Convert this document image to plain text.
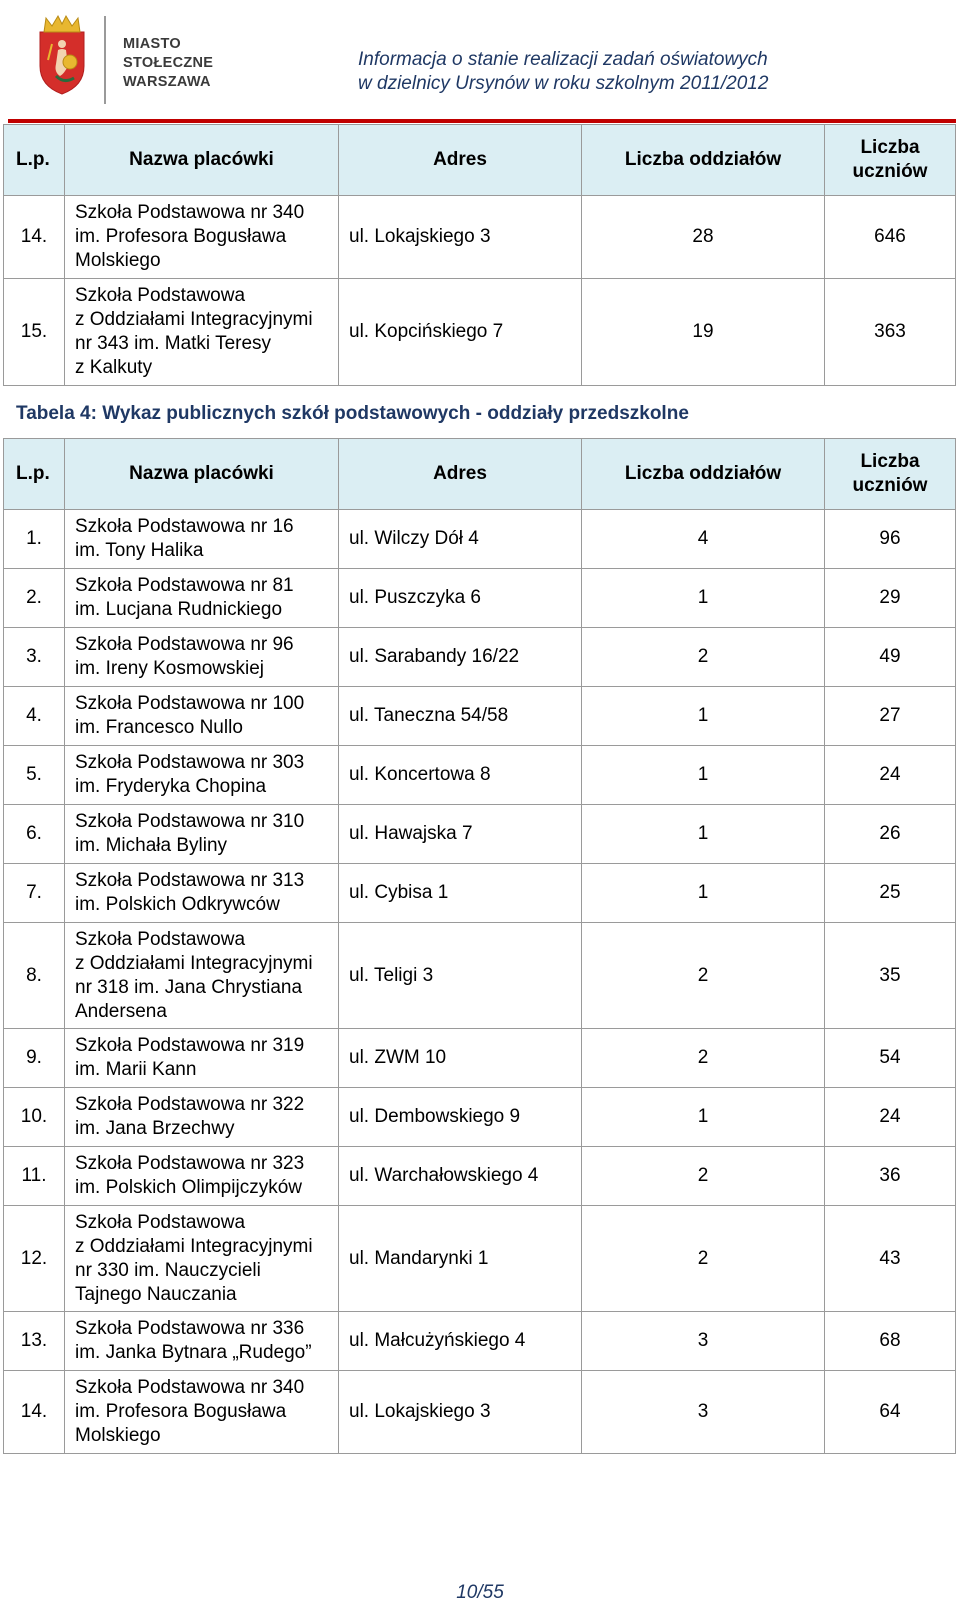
MIASTO
STOŁECZNE
WARSZAWA
Informacja o stanie realizacji zadań oświatowych
w dzielnicy Ursynów w roku szkolnym 2011/2012
L.p.	Nazwa placówki	Adres	Liczba oddziałów	Liczba
uczniów
14.	Szkoła Podstawowa nr 340
im. Profesora Bogusława
Molskiego	ul. Lokajskiego 3	28	646
15.	Szkoła Podstawowa
z Oddziałami Integracyjnymi
nr 343 im. Matki Teresy
z Kalkuty	ul. Kopcińskiego 7	19	363
Tabela 4: Wykaz publicznych szkół podstawowych - oddziały przedszkolne
L.p.	Nazwa placówki	Adres	Liczba oddziałów	Liczba
uczniów
1.	Szkoła Podstawowa nr 16
im. Tony Halika	ul. Wilczy Dół 4	4	96
2.	Szkoła Podstawowa nr 81
im. Lucjana Rudnickiego	ul. Puszczyka 6	1	29
3.	Szkoła Podstawowa nr 96
im. Ireny Kosmowskiej	ul. Sarabandy 16/22	2	49
4.	Szkoła Podstawowa nr 100
im. Francesco Nullo	ul. Taneczna 54/58	1	27
5.	Szkoła Podstawowa nr 303
im. Fryderyka Chopina	ul. Koncertowa 8	1	24
6.	Szkoła Podstawowa nr 310
im. Michała Byliny	ul. Hawajska 7	1	26
7.	Szkoła Podstawowa nr 313
im. Polskich Odkrywców	ul. Cybisa 1	1	25
8.	Szkoła Podstawowa
z Oddziałami Integracyjnymi
nr 318 im. Jana Chrystiana
Andersena	ul. Teligi 3	2	35
9.	Szkoła Podstawowa nr 319
im. Marii Kann	ul. ZWM 10	2	54
10.	Szkoła Podstawowa nr 322
im. Jana Brzechwy	ul. Dembowskiego 9	1	24
11.	Szkoła Podstawowa nr 323
im. Polskich Olimpijczyków	ul. Warchałowskiego 4	2	36
12.	Szkoła Podstawowa
z Oddziałami Integracyjnymi
nr 330 im. Nauczycieli
Tajnego Nauczania	ul. Mandarynki 1	2	43
13.	Szkoła Podstawowa nr 336
im. Janka Bytnara „Rudego”	ul. Małcużyńskiego 4	3	68
14.	Szkoła Podstawowa nr 340
im. Profesora Bogusława
Molskiego	ul. Lokajskiego 3	3	64
10/55
